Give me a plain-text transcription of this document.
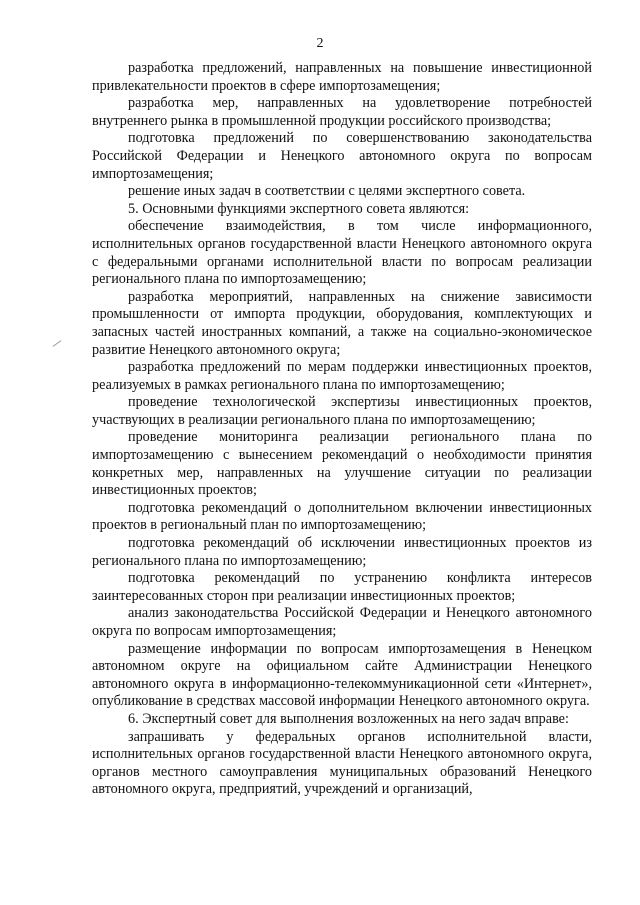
2

разработка предложений, направленных на повышение инвестиционной привлекательности проектов в сфере импортозамещения;

разработка мер, направленных на удовлетворение потребностей внутреннего рынка в промышленной продукции российского производства;

подготовка предложений по совершенствованию законодательства Российской Федерации и Ненецкого автономного округа по вопросам импортозамещения;

решение иных задач в соответствии с целями экспертного совета.

5. Основными функциями экспертного совета являются:

обеспечение взаимодействия, в том числе информационного, исполнительных органов государственной власти Ненецкого автономного округа с федеральными органами исполнительной власти по вопросам реализации регионального плана по импортозамещению;

разработка мероприятий, направленных на снижение зависимости промышленности от импорта продукции, оборудования, комплектующих и запасных частей иностранных компаний, а также на социально-экономическое развитие Ненецкого автономного округа;

разработка предложений по мерам поддержки инвестиционных проектов, реализуемых в рамках регионального плана по импортозамещению;

проведение технологической экспертизы инвестиционных проектов, участвующих в реализации регионального плана по импортозамещению;

проведение мониторинга реализации регионального плана по импортозамещению с вынесением рекомендаций о необходимости принятия конкретных мер, направленных на улучшение ситуации по реализации инвестиционных проектов;

подготовка рекомендаций о дополнительном включении инвестиционных проектов в региональный план по импортозамещению;

подготовка рекомендаций об исключении инвестиционных проектов из регионального плана по импортозамещению;

подготовка рекомендаций по устранению конфликта интересов заинтересованных сторон при реализации инвестиционных проектов;

анализ законодательства Российской Федерации и Ненецкого автономного округа по вопросам импортозамещения;

размещение информации по вопросам импортозамещения в Ненецком автономном округе на официальном сайте Администрации Ненецкого автономного округа в информационно-телекоммуникационной сети «Интернет», опубликование в средствах массовой информации Ненецкого автономного округа.

6. Экспертный совет для выполнения возложенных на него задач вправе:

запрашивать у федеральных органов исполнительной власти, исполнительных органов государственной власти Ненецкого автономного округа, органов местного самоуправления муниципальных образований Ненецкого автономного округа, предприятий, учреждений и организаций,
